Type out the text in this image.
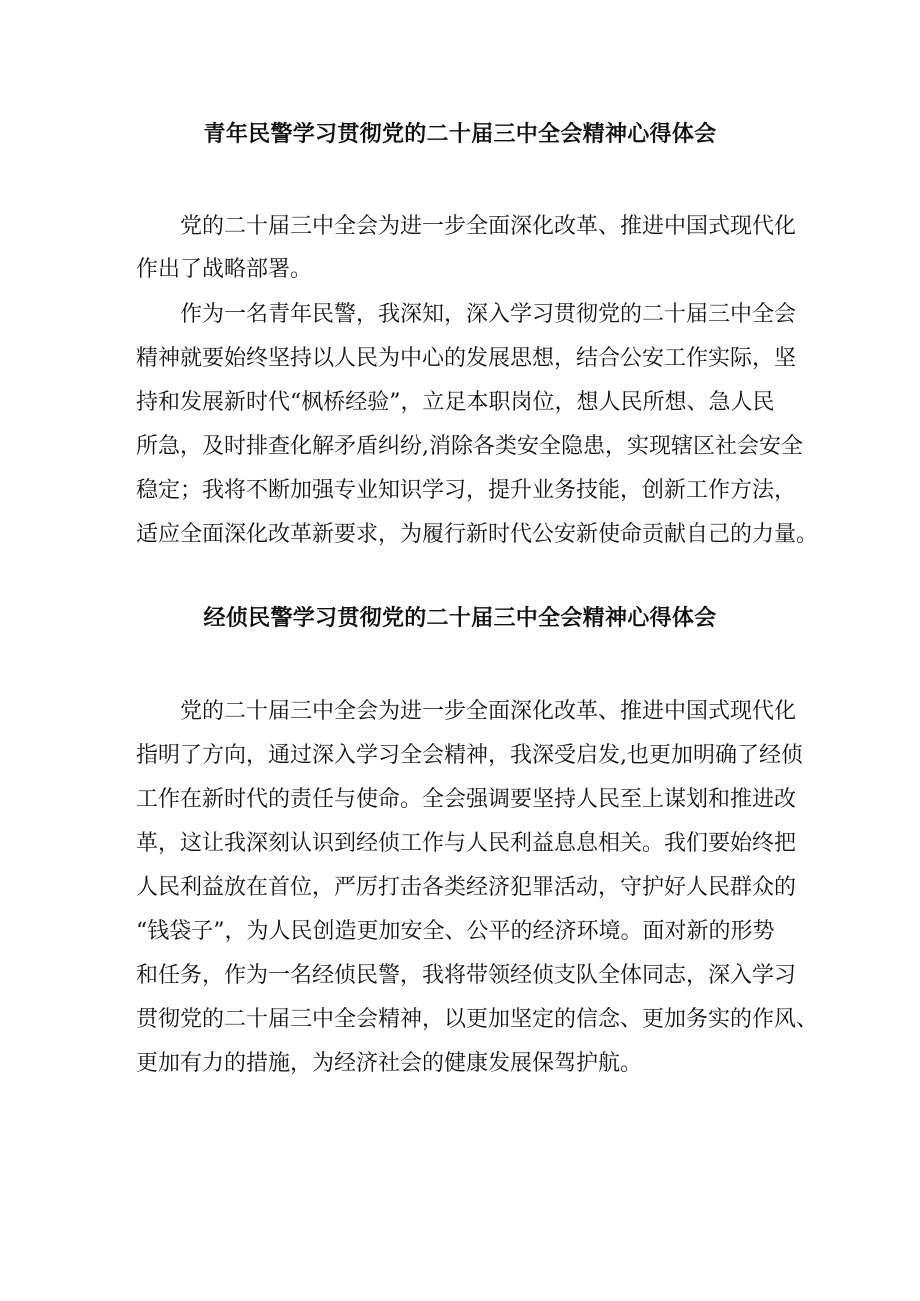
青年民警学习贯彻党的二十届三中全会精神心得体会

党的二十届三中全会为进一步全面深化改革、推进中国式现代化

作出了战略部署。

作为一名青年民警，我深知，深入学习贯彻党的二十届三中全会

精神就要始终坚持以人民为中心的发展思想，结合公安工作实际，坚

持和发展新时代“枫桥经验”，立足本职岗位，想人民所想、急人民

所急，及时排查化解矛盾纠纷,消除各类安全隐患，实现辖区社会安全

稳定；我将不断加强专业知识学习，提升业务技能，创新工作方法，

适应全面深化改革新要求，为履行新时代公安新使命贡献自己的力量。

经侦民警学习贯彻党的二十届三中全会精神心得体会

党的二十届三中全会为进一步全面深化改革、推进中国式现代化

指明了方向，通过深入学习全会精神，我深受启发,也更加明确了经侦

工作在新时代的责任与使命。全会强调要坚持人民至上谋划和推进改

革，这让我深刻认识到经侦工作与人民利益息息相关。我们要始终把

人民利益放在首位，严厉打击各类经济犯罪活动，守护好人民群众的

“钱袋子”，为人民创造更加安全、公平的经济环境。面对新的形势

和任务，作为一名经侦民警，我将带领经侦支队全体同志，深入学习

贯彻党的二十届三中全会精神，以更加坚定的信念、更加务实的作风、

更加有力的措施，为经济社会的健康发展保驾护航。
